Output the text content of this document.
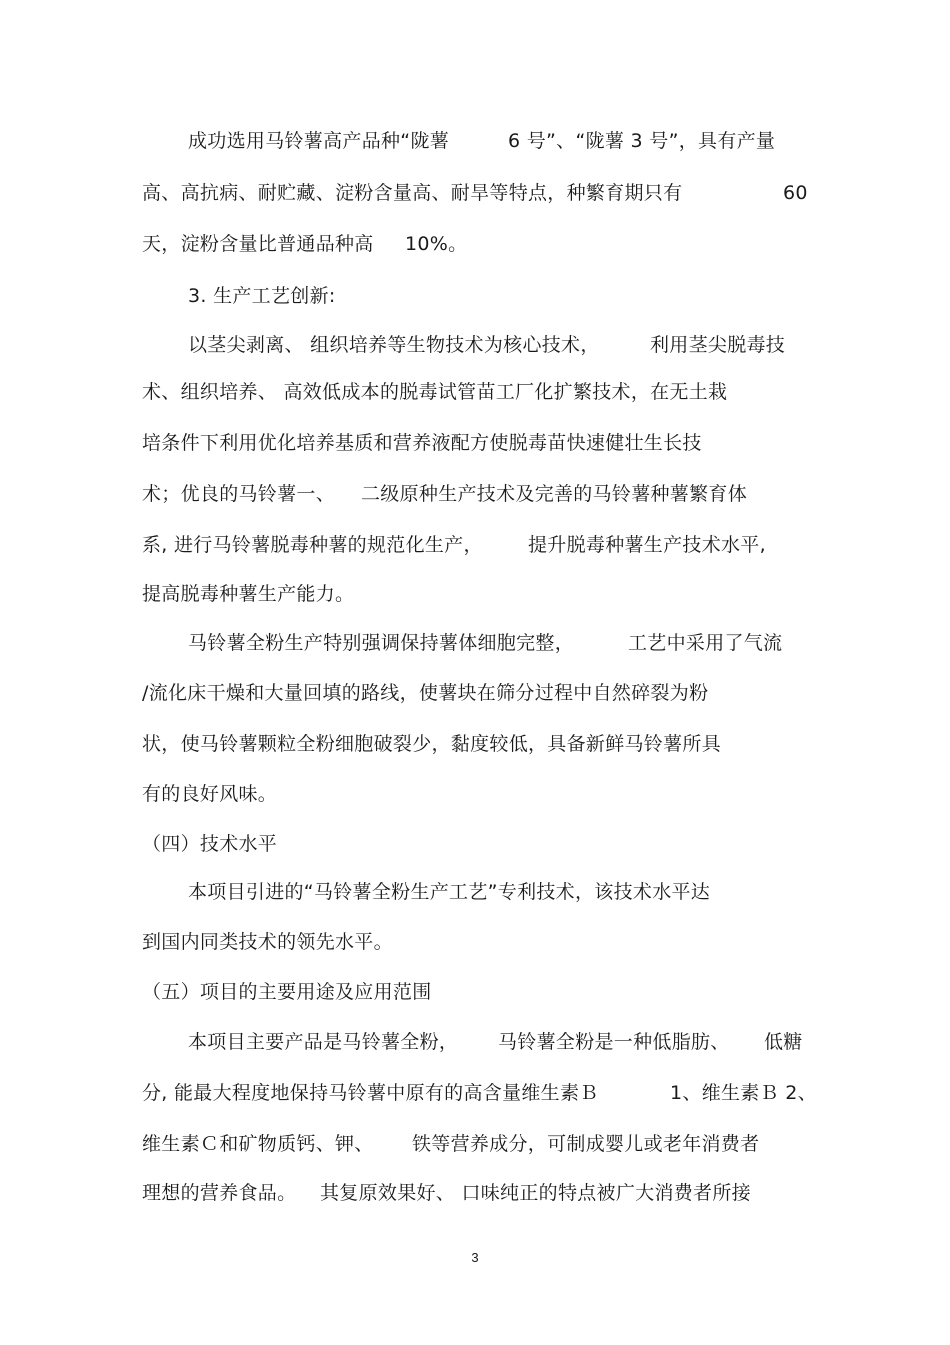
成功选用马铃薯高产品种“陇薯	6 号”、“陇薯 3 号”，具有产量
高、高抗病、耐贮藏、淀粉含量高、耐旱等特点，种繁育期只有	60
天，淀粉含量比普通品种高 10%。
3. 生产工艺创新:
以茎尖剥离、 组织培养等生物技术为核心技术，	利用茎尖脱毒技
术、组织培养、 高效低成本的脱毒试管苗工厂化扩繁技术，在无土栽
培条件下利用优化培养基质和营养液配方使脱毒苗快速健壮生长技
术；优良的马铃薯一、 二级原种生产技术及完善的马铃薯种薯繁育体
系, 进行马铃薯脱毒种薯的规范化生产， 提升脱毒种薯生产技术水平,
提高脱毒种薯生产能力。
马铃薯全粉生产特别强调保持薯体细胞完整，	工艺中采用了气流
/流化床干燥和大量回填的路线，使薯块在筛分过程中自然碎裂为粉
状，使马铃薯颗粒全粉细胞破裂少，黏度较低，具备新鲜马铃薯所具
有的良好风味。
（四）技术水平
本项目引进的“马铃薯全粉生产工艺”专利技术，该技术水平达
到国内同类技术的领先水平。
（五）项目的主要用途及应用范围
本项目主要产品是马铃薯全粉， 马铃薯全粉是一种低脂肪、 低糖
分, 能最大程度地保持马铃薯中原有的高含量维生素Ｂ	1、维生素Ｂ 2、
维生素Ｃ和矿物质钙、钾、 铁等营养成分，可制成婴儿或老年消费者
理想的营养食品。 其复原效果好、 口味纯正的特点被广大消费者所接
3
